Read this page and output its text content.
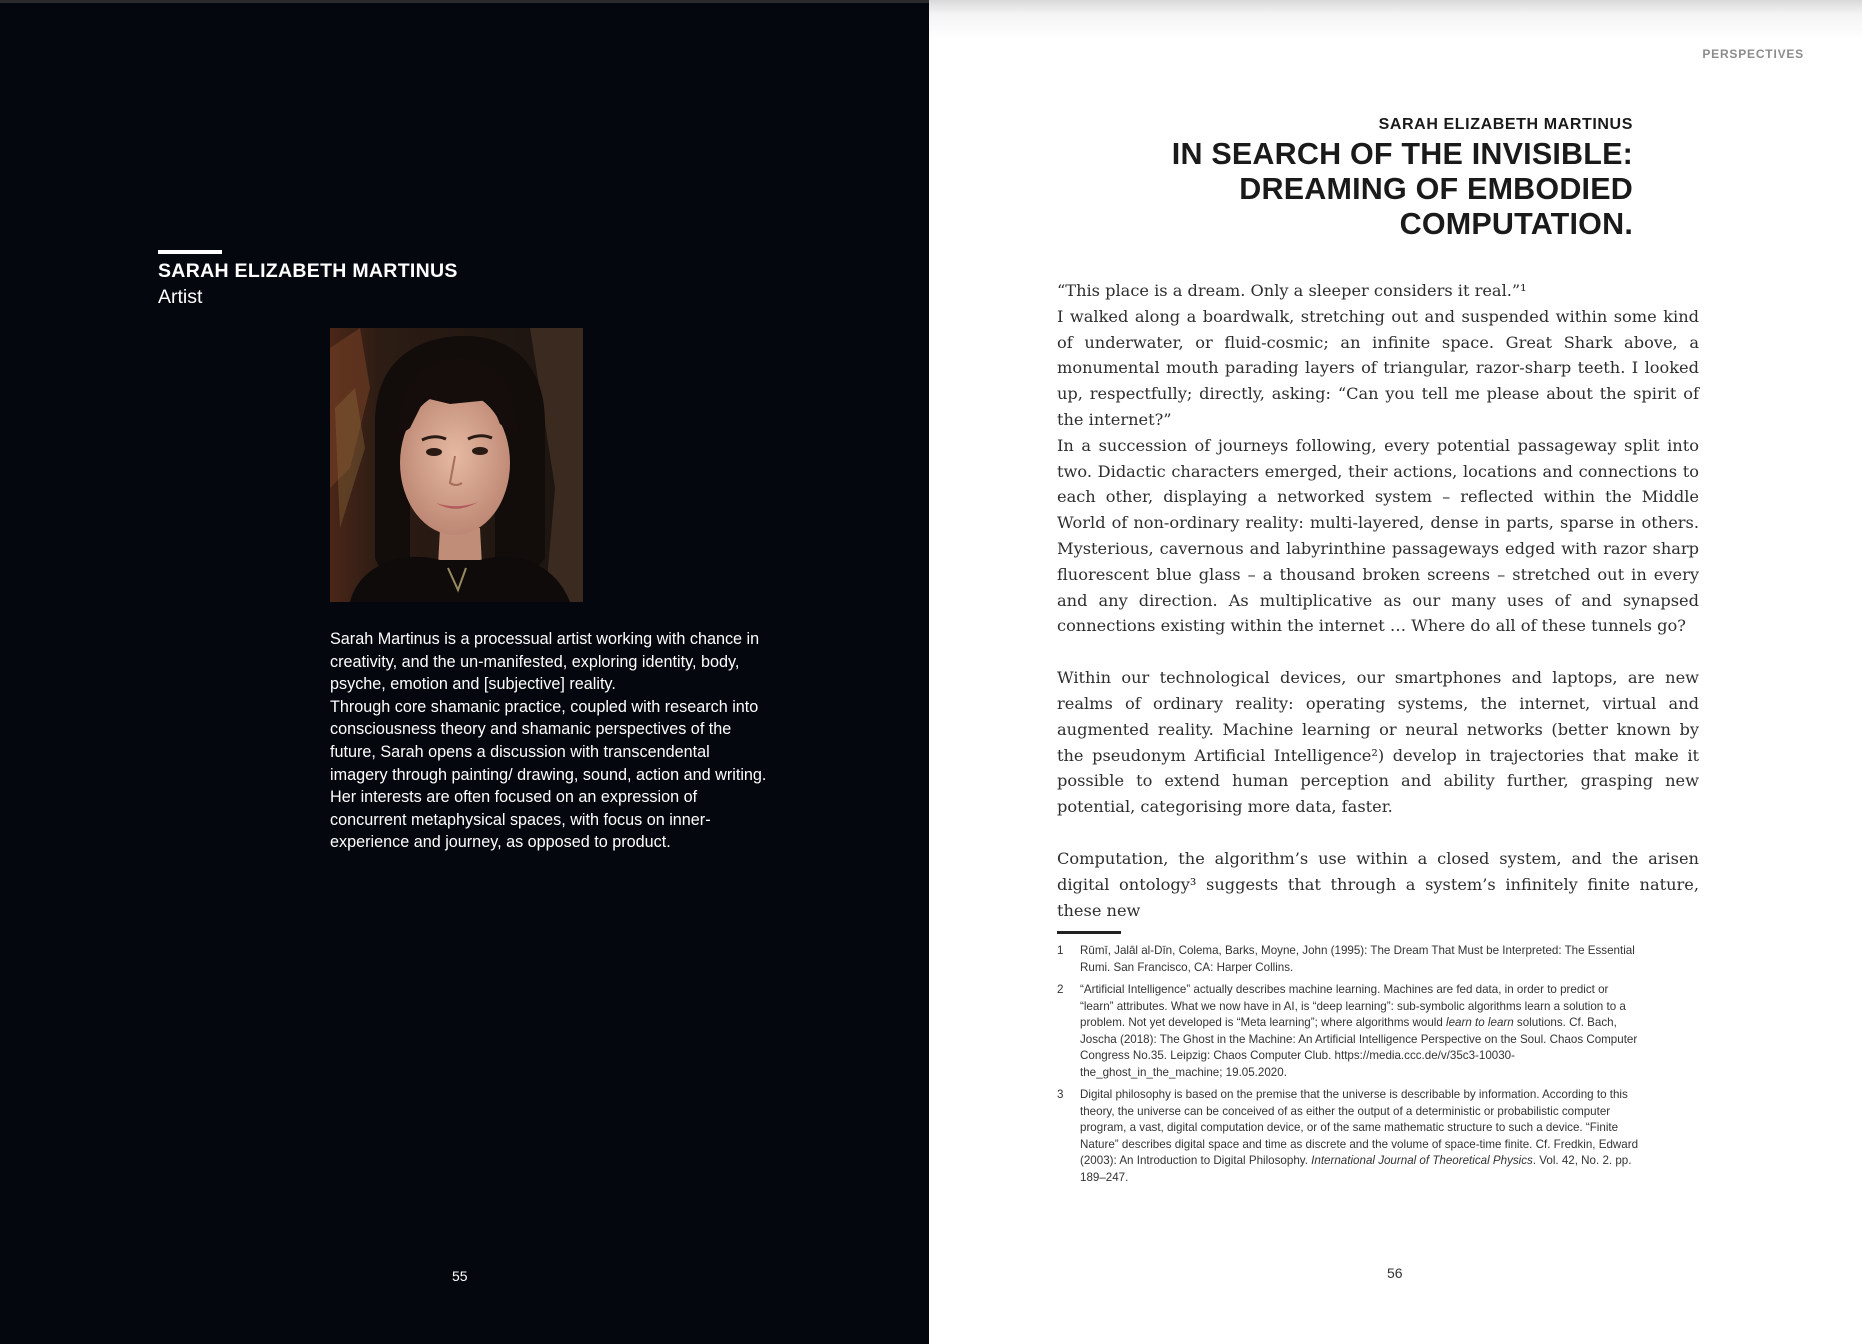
SARAH ELIZABETH MARTINUS
Artist

Sarah Martinus is a processual artist working with chance in creativity, and the un-manifested, exploring identity, body, psyche, emotion and [subjective] reality.

Through core shamanic practice, coupled with research into consciousness theory and shamanic perspectives of the future, Sarah opens a discussion with transcendental imagery through painting/ drawing, sound, action and writing. Her interests are often focused on an expression of concurrent metaphysical spaces, with focus on inner-experience and journey, as opposed to product.

55
PERSPECTIVES
SARAH ELIZABETH MARTINUS
IN SEARCH OF THE INVISIBLE:
DREAMING OF EMBODIED
COMPUTATION.

“This place is a dream. Only a sleeper considers it real.”¹

I walked along a boardwalk, stretching out and suspended within some kind of underwater, or fluid-cosmic; an infinite space. Great Shark above, a monumental mouth parading layers of triangular, razor-sharp teeth. I looked up, respectfully; directly, asking: “Can you tell me please about the spirit of the internet?”

In a succession of journeys following, every potential passageway split into two. Didactic characters emerged, their actions, locations and connections to each other, displaying a networked system – reflected within the Middle World of non-ordinary reality: multi-layered, dense in parts, sparse in others. Mysterious, cavernous and labyrinthine passageways edged with razor sharp fluorescent blue glass – a thousand broken screens – stretched out in every and any direction. As multiplicative as our many uses of and synapsed connections existing within the internet … Where do all of these tunnels go?

Within our technological devices, our smartphones and laptops, are new realms of ordinary reality: operating systems, the internet, virtual and augmented reality. Machine learning or neural networks (better known by the pseudonym Artificial Intelligence²) develop in trajectories that make it possible to extend human perception and ability further, grasping new potential, categorising more data, faster.

Computation, the algorithm’s use within a closed system, and the arisen digital ontology³ suggests that through a system’s infinitely finite nature, these new

1	Rūmī, Jalāl al-Dīn, Colema, Barks, Moyne, John (1995): The Dream That Must be Interpreted: The Essential Rumi. San Francisco, CA: Harper Collins.
2	“Artificial Intelligence” actually describes machine learning. Machines are fed data, in order to predict or “learn” attributes. What we now have in AI, is “deep learning”: sub-symbolic algorithms learn a solution to a problem. Not yet developed is “Meta learning”; where algorithms would learn to learn solutions. Cf. Bach, Joscha (2018): The Ghost in the Machine: An Artificial Intelligence Perspective on the Soul. Chaos Computer Congress No.35. Leipzig: Chaos Computer Club. https://media.ccc.de/v/35c3-10030-the_ghost_in_the_machine; 19.05.2020.
3	Digital philosophy is based on the premise that the universe is describable by information. According to this theory, the universe can be conceived of as either the output of a deterministic or probabilistic computer program, a vast, digital computation device, or of the same mathematic structure to such a device. “Finite Nature” describes digital space and time as discrete and the volume of space-time finite. Cf. Fredkin, Edward (2003): An Introduction to Digital Philosophy. International Journal of Theoretical Physics. Vol. 42, No. 2. pp. 189–247.
56
